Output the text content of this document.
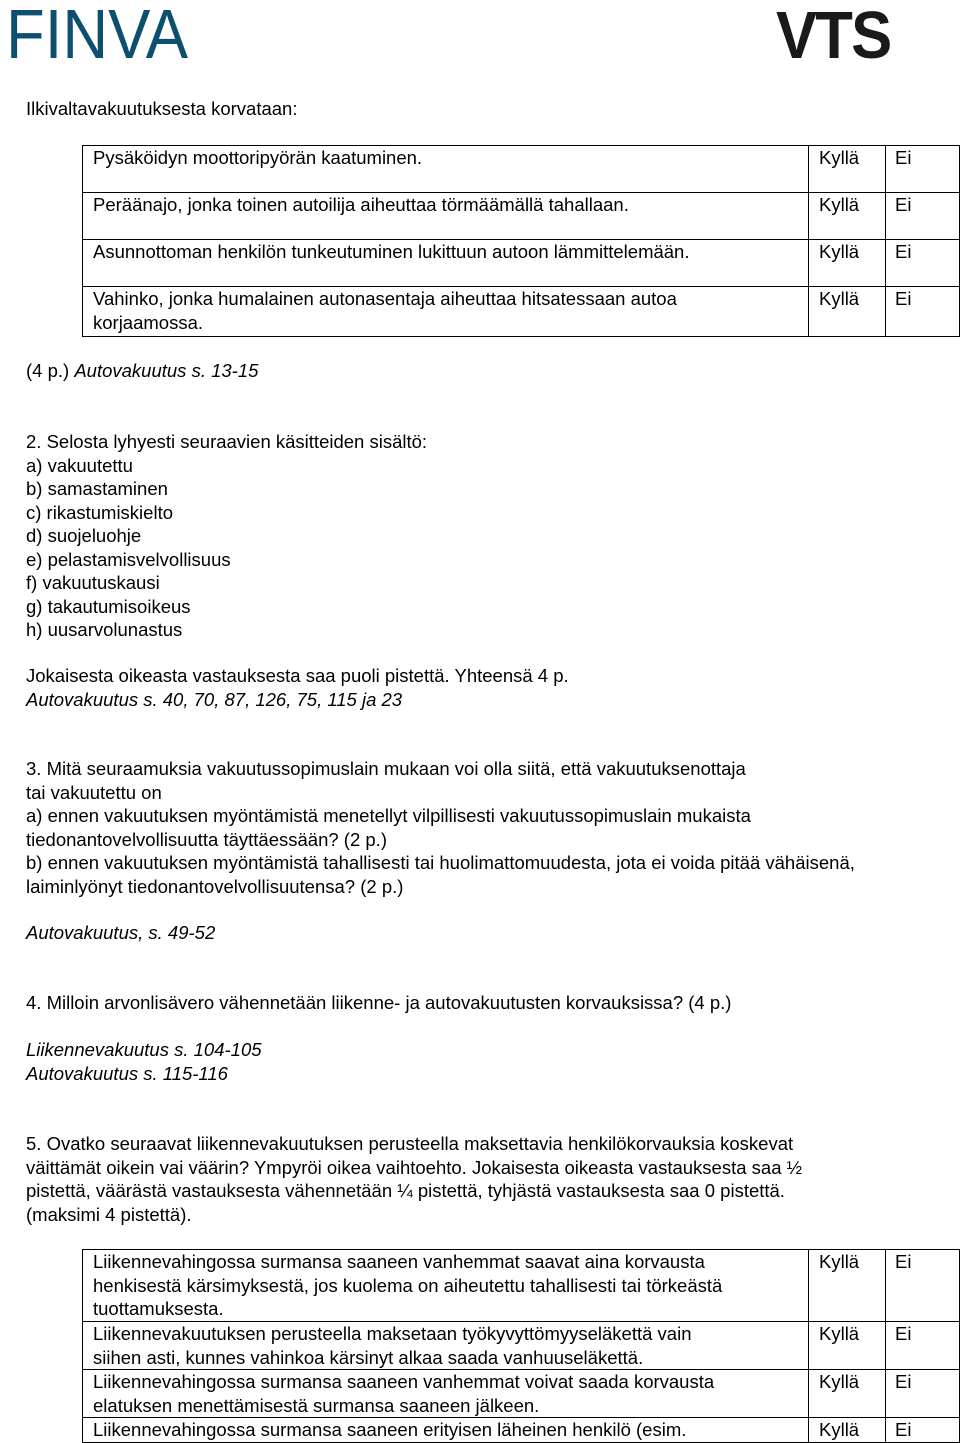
FINVA	VTS
Ilkivaltavakuutuksesta korvataan:
Pysäköidyn moottoripyörän kaatuminen.	Kyllä	Ei

Peräänajo, jonka toinen autoilija aiheuttaa törmäämällä tahallaan.	Kyllä	Ei

Asunnottoman henkilön tunkeutuminen lukittuun autoon lämmittelemään.	Kyllä	Ei

Vahinko, jonka humalainen autonasentaja aiheuttaa hitsatessaan autoa
korjaamossa.	Kyllä	Ei
(4 p.) Autovakuutus s. 13-15
2. Selosta lyhyesti seuraavien käsitteiden sisältö:
a) vakuutettu
b) samastaminen
c) rikastumiskielto
d) suojeluohje
e) pelastamisvelvollisuus
f) vakuutuskausi
g) takautumisoikeus
h) uusarvolunastus
Jokaisesta oikeasta vastauksesta saa puoli pistettä. Yhteensä 4 p.
Autovakuutus s. 40, 70, 87, 126, 75, 115 ja 23
3. Mitä seuraamuksia vakuutussopimuslain mukaan voi olla siitä, että vakuutuksenottaja
tai vakuutettu on
a) ennen vakuutuksen myöntämistä menetellyt vilpillisesti vakuutussopimuslain mukaista
tiedonantovelvollisuutta täyttäessään? (2 p.)
b) ennen vakuutuksen myöntämistä tahallisesti tai huolimattomuudesta, jota ei voida pitää vähäisenä,
laiminlyönyt tiedonantovelvollisuutensa? (2 p.)
Autovakuutus, s. 49-52
4. Milloin arvonlisävero vähennetään liikenne- ja autovakuutusten korvauksissa? (4 p.)
Liikennevakuutus s. 104-105
Autovakuutus s. 115-116
5. Ovatko seuraavat liikennevakuutuksen perusteella maksettavia henkilökorvauksia koskevat
väittämät oikein vai väärin? Ympyröi oikea vaihtoehto. Jokaisesta oikeasta vastauksesta saa ½
pistettä, väärästä vastauksesta vähennetään ¼ pistettä, tyhjästä vastauksesta saa 0 pistettä.
(maksimi 4 pistettä).
Liikennevahingossa surmansa saaneen vanhemmat saavat aina korvausta
henkisestä kärsimyksestä, jos kuolema on aiheutettu tahallisesti tai törkeästä
tuottamuksesta.	Kyllä	Ei

Liikennevakuutuksen perusteella maksetaan työkyvyttömyyseläkettä vain
siihen asti, kunnes vahinkoa kärsinyt alkaa saada vanhuuseläkettä.	Kyllä	Ei

Liikennevahingossa surmansa saaneen vanhemmat voivat saada korvausta
elatuksen menettämisestä surmansa saaneen jälkeen.	Kyllä	Ei

Liikennevahingossa surmansa saaneen erityisen läheinen henkilö (esim.	Kyllä	Ei
